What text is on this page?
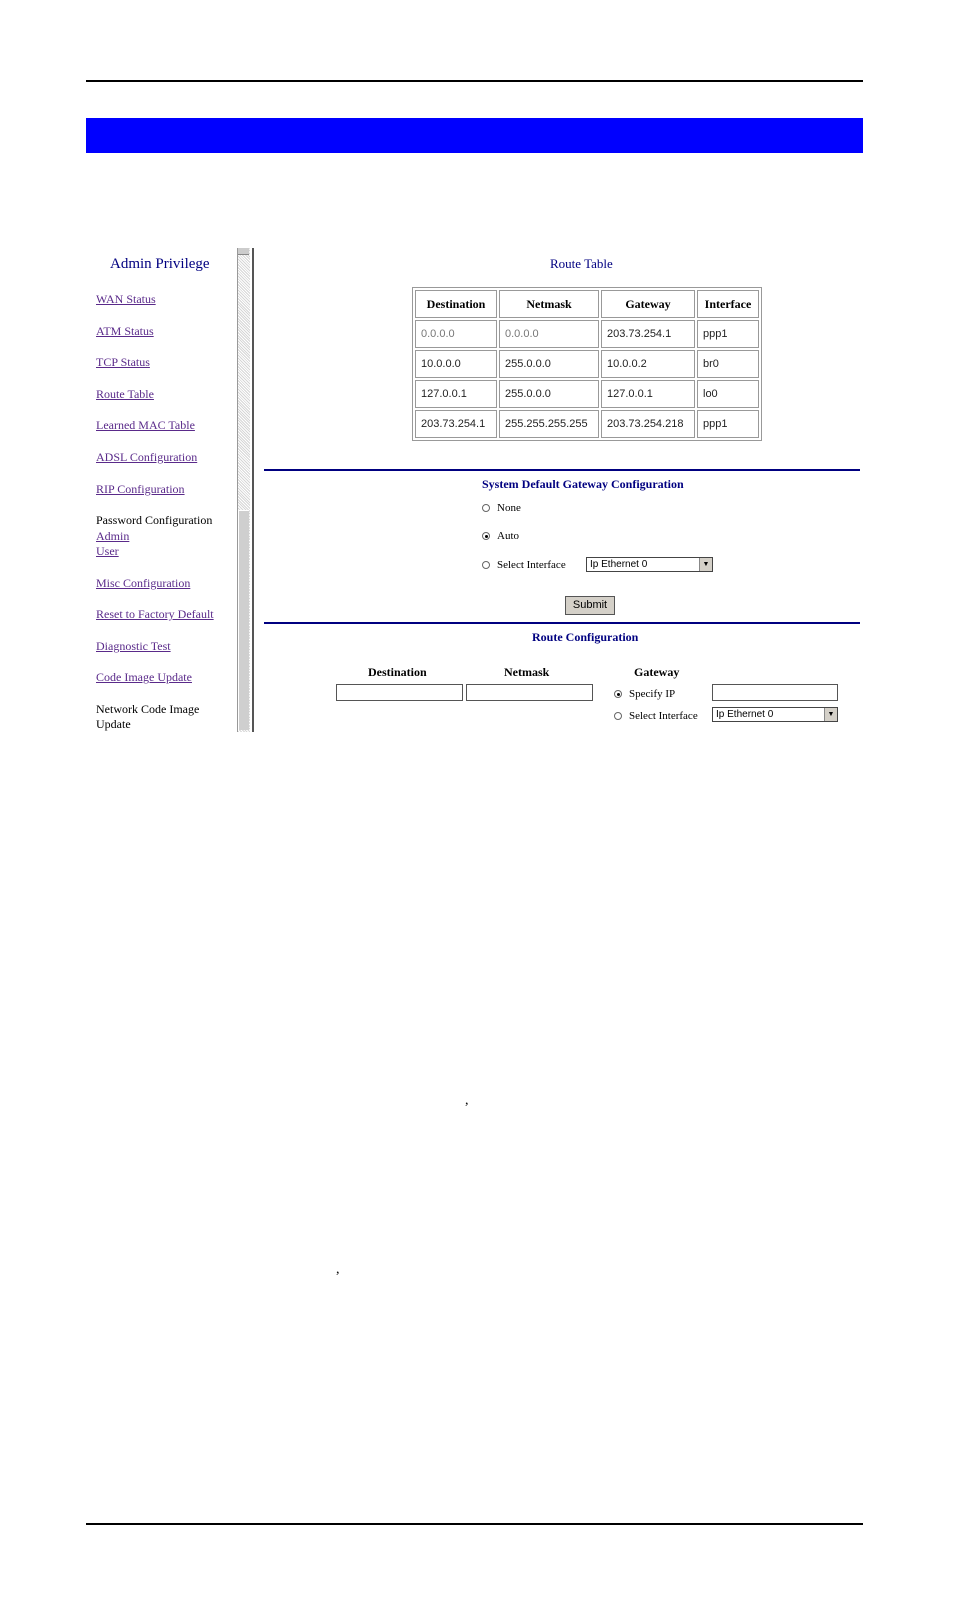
Admin Privilege
WAN Status
ATM Status
TCP Status
Route Table
Learned MAC Table
ADSL Configuration
RIP Configuration
Password Configuration
Admin
User
Misc Configuration
Reset to Factory Default
Diagnostic Test
Code Image Update
Network Code Image
Update
Route Table
Destination	Netmask	Gateway	Interface
0.0.0.0	0.0.0.0	203.73.254.1	ppp1
10.0.0.0	255.0.0.0	10.0.0.2	br0
127.0.0.1	255.0.0.0	127.0.0.1	lo0
203.73.254.1	255.255.255.255	203.73.254.218	ppp1
System Default Gateway Configuration
None
Auto
Select Interface	Ip Ethernet 0	▼
Submit
Route Configuration
Destination	Netmask	Gateway
Specify IP
Select Interface	Ip Ethernet 0	▼
,
,
